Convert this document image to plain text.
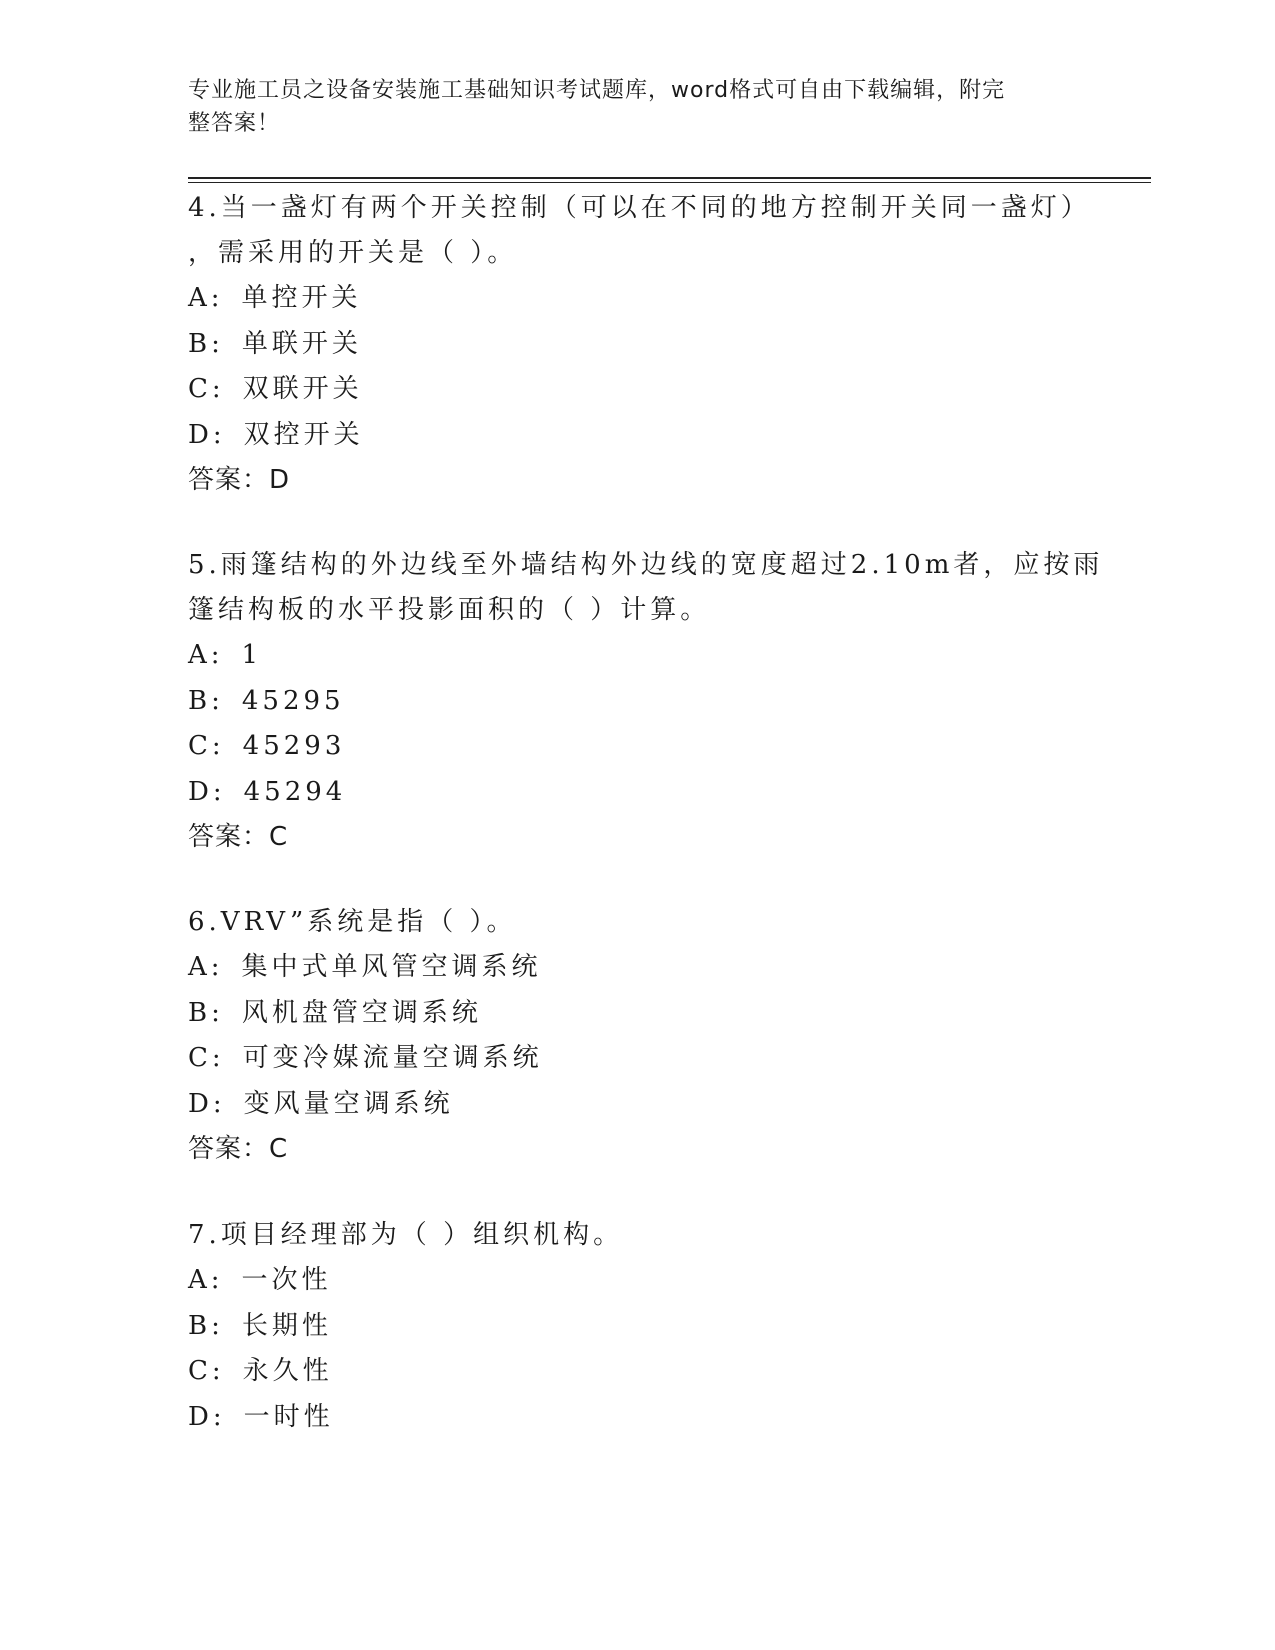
专业施工员之设备安装施工基础知识考试题库，word格式可自由下载编辑，附完
整答案！
4.当一盏灯有两个开关控制（可以在不同的地方控制开关同一盏灯）
，需采用的开关是（ ）。
A: 单控开关
B: 单联开关
C: 双联开关
D: 双控开关
答案：D
5.雨篷结构的外边线至外墙结构外边线的宽度超过2.10m者，应按雨
篷结构板的水平投影面积的（ ）计算。
A: 1
B: 45295
C: 45293
D: 45294
答案：C
6.VRV”系统是指（ ）。
A: 集中式单风管空调系统
B: 风机盘管空调系统
C: 可变冷媒流量空调系统
D: 变风量空调系统
答案：C
7.项目经理部为（ ）组织机构。
A: 一次性
B: 长期性
C: 永久性
D: 一时性
